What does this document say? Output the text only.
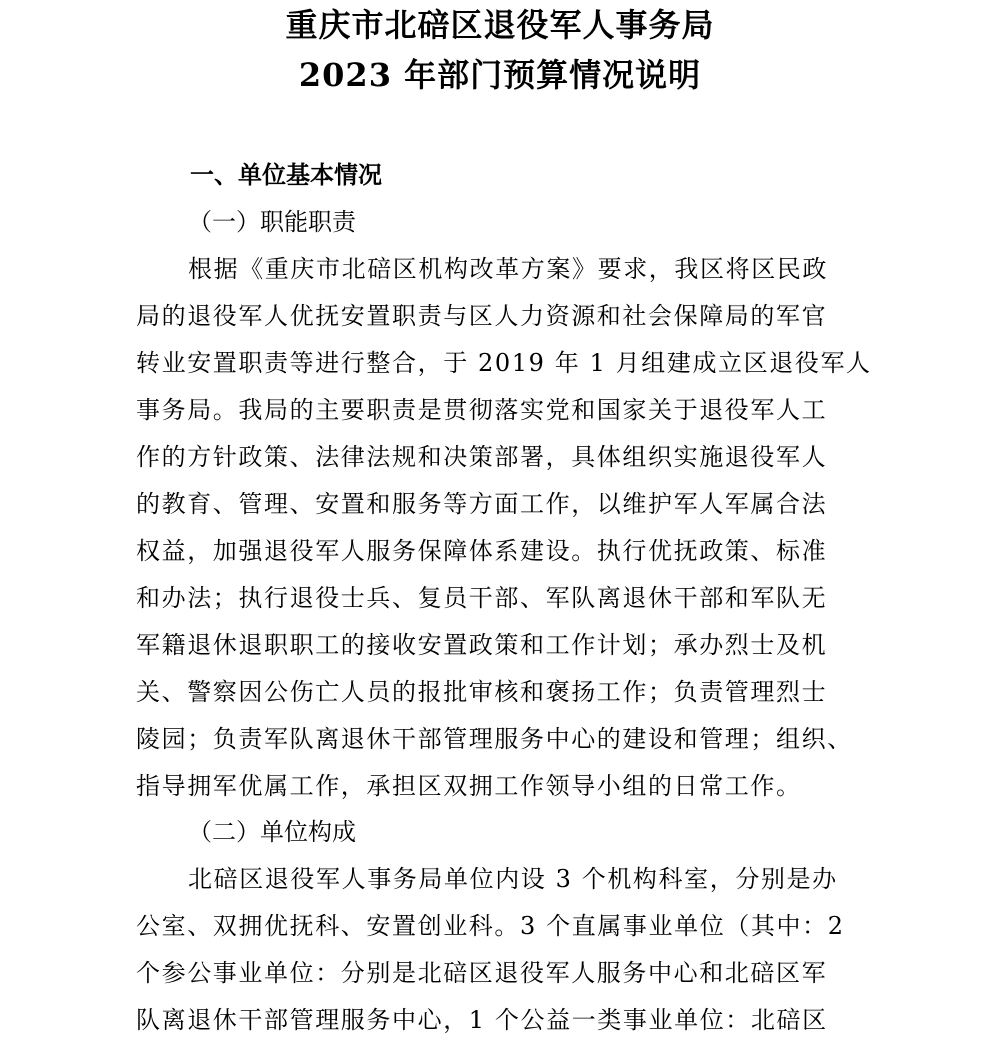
重庆市北碚区退役军人事务局
2023 年部门预算情况说明
一、单位基本情况
（一）职能职责
根据《重庆市北碚区机构改革方案》要求，我区将区民政
局的退役军人优抚安置职责与区人力资源和社会保障局的军官
转业安置职责等进行整合，于 2019 年 1 月组建成立区退役军人
事务局。我局的主要职责是贯彻落实党和国家关于退役军人工
作的方针政策、法律法规和决策部署，具体组织实施退役军人
的教育、管理、安置和服务等方面工作，以维护军人军属合法
权益，加强退役军人服务保障体系建设。执行优抚政策、标准
和办法；执行退役士兵、复员干部、军队离退休干部和军队无
军籍退休退职职工的接收安置政策和工作计划；承办烈士及机
关、警察因公伤亡人员的报批审核和褒扬工作；负责管理烈士
陵园；负责军队离退休干部管理服务中心的建设和管理；组织、
指导拥军优属工作，承担区双拥工作领导小组的日常工作。
（二）单位构成
北碚区退役军人事务局单位内设 3 个机构科室，分别是办
公室、双拥优抚科、安置创业科。3 个直属事业单位（其中：2
个参公事业单位：分别是北碚区退役军人服务中心和北碚区军
队离退休干部管理服务中心，1 个公益一类事业单位：北碚区
